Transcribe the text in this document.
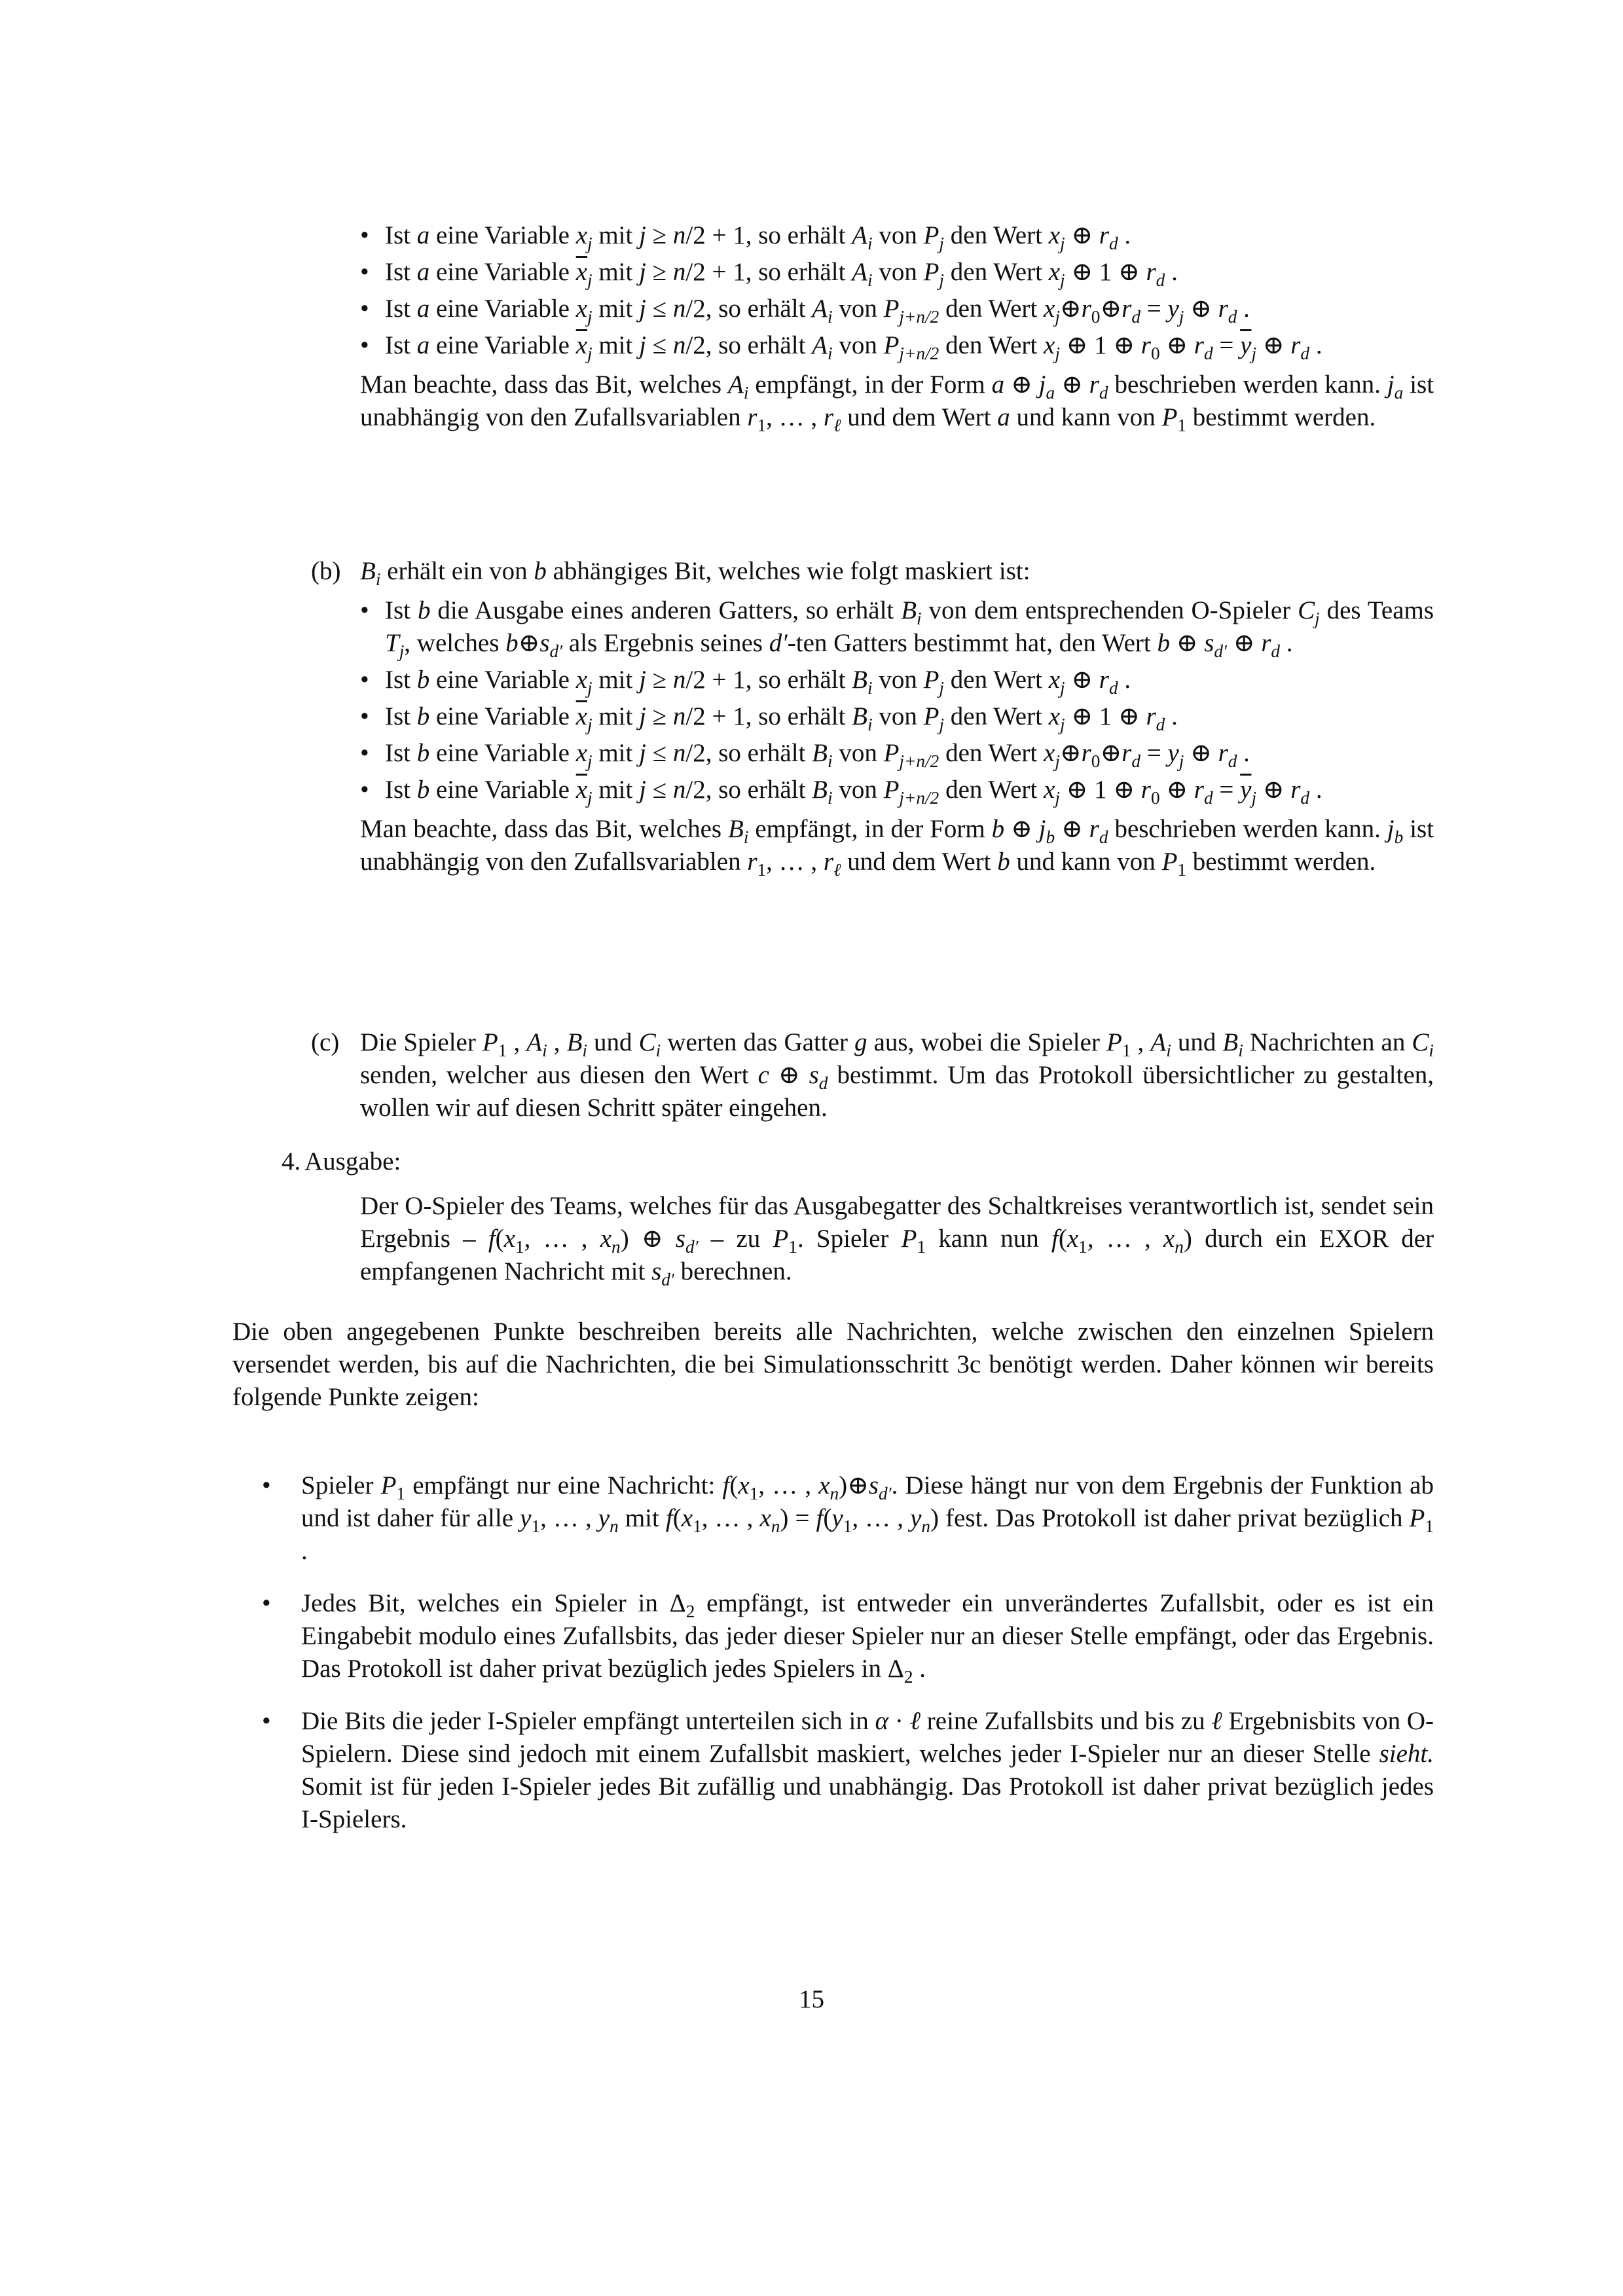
• Ist a eine Variable $x_j$ mit j ≥ n/2 + 1, so erhält $A_i$ von $P_j$ den Wert $x_j$ ⊕ $r_d$ .
• Ist a eine Variable $\overline{x}_j$ mit j ≥ n/2 + 1, so erhält $A_i$ von $P_j$ den Wert $x_j$ ⊕ 1 ⊕ $r_d$ .
• Ist a eine Variable $x_j$ mit j ≤ n/2, so erhält $A_i$ von $P_{j+n/2}$ den Wert $x_j\oplus r_0\oplus r_d = y_j$ ⊕ $r_d$ .
• Ist a eine Variable $\overline{x}_j$ mit j ≤ n/2, so erhält $A_i$ von $P_{j+n/2}$ den Wert $x_j$ ⊕ 1 ⊕ $r_0$ ⊕ $r_d = \overline{y}_j$ ⊕ $r_d$ .

Man beachte, dass das Bit, welches $A_i$ empfängt, in der Form a ⊕ $j_a$ ⊕ $r_d$ beschrieben werden kann. $j_a$ ist unabhängig von den Zufallsvariablen $r_1$, … , $r_\ell$ und dem Wert a und kann von $P_1$ bestimmt werden.

(b) $B_i$ erhält ein von b abhängiges Bit, welches wie folgt maskiert ist:
• Ist b die Ausgabe eines anderen Gatters, so erhält $B_i$ von dem entsprechenden O-Spieler $C_j$ des Teams $T_j$, welches $b\oplus s_{d'}$ als Ergebnis seines d′-ten Gatters bestimmt hat, den Wert b ⊕ $s_{d'}$ ⊕ $r_d$ .
• Ist b eine Variable $x_j$ mit j ≥ n/2 + 1, so erhält $B_i$ von $P_j$ den Wert $x_j$ ⊕ $r_d$ .
• Ist b eine Variable $\overline{x}_j$ mit j ≥ n/2 + 1, so erhält $B_i$ von $P_j$ den Wert $x_j$ ⊕ 1 ⊕ $r_d$ .
• Ist b eine Variable $x_j$ mit j ≤ n/2, so erhält $B_i$ von $P_{j+n/2}$ den Wert $x_j\oplus r_0\oplus r_d = y_j$ ⊕ $r_d$ .
• Ist b eine Variable $\overline{x}_j$ mit j ≤ n/2, so erhält $B_i$ von $P_{j+n/2}$ den Wert $x_j$ ⊕ 1 ⊕ $r_0$ ⊕ $r_d = \overline{y}_j$ ⊕ $r_d$ .

Man beachte, dass das Bit, welches $B_i$ empfängt, in der Form b ⊕ $j_b$ ⊕ $r_d$ beschrieben werden kann. $j_b$ ist unabhängig von den Zufallsvariablen $r_1$, … , $r_\ell$ und dem Wert b und kann von $P_1$ bestimmt werden.

(c) Die Spieler $P_1$ , $A_i$ , $B_i$ und $C_i$ werten das Gatter g aus, wobei die Spieler $P_1$ , $A_i$ und $B_i$ Nachrichten an $C_i$ senden, welcher aus diesen den Wert c ⊕ $s_d$ bestimmt. Um das Protokoll übersichtlicher zu gestalten, wollen wir auf diesen Schritt später eingehen.
4. Ausgabe:
Der O-Spieler des Teams, welches für das Ausgabegatter des Schaltkreises verantwortlich ist, sendet sein Ergebnis – $f(x_1$, … , $x_n$) ⊕ $s_{d'}$ – zu $P_1$. Spieler $P_1$ kann nun $f(x_1$, … , $x_n$) durch ein EXOR der empfangenen Nachricht mit $s_{d'}$ berechnen.

Die oben angegebenen Punkte beschreiben bereits alle Nachrichten, welche zwischen den einzelnen Spielern versendet werden, bis auf die Nachrichten, die bei Simulationsschritt 3c benötigt werden. Daher können wir bereits folgende Punkte zeigen:

• Spieler $P_1$ empfängt nur eine Nachricht: $f(x_1$, … , $x_n)\oplus s_{d'}$. Diese hängt nur von dem Ergebnis der Funktion ab und ist daher für alle $y_1$, … , $y_n$ mit $f(x_1$, … , $x_n) = f(y_1$, … , $y_n$) fest. Das Protokoll ist daher privat bezüglich $P_1$ .
• Jedes Bit, welches ein Spieler in $\Delta_2$ empfängt, ist entweder ein unverändertes Zufallsbit, oder es ist ein Eingabebit modulo eines Zufallsbits, das jeder dieser Spieler nur an dieser Stelle empfängt, oder das Ergebnis. Das Protokoll ist daher privat bezüglich jedes Spielers in $\Delta_2$ .
• Die Bits die jeder I-Spieler empfängt unterteilen sich in α · ℓ reine Zufallsbits und bis zu ℓ Ergebnisbits von O-Spielern. Diese sind jedoch mit einem Zufallsbit maskiert, welches jeder I-Spieler nur an dieser Stelle sieht. Somit ist für jeden I-Spieler jedes Bit zufällig und unabhängig. Das Protokoll ist daher privat bezüglich jedes I-Spielers.
15
